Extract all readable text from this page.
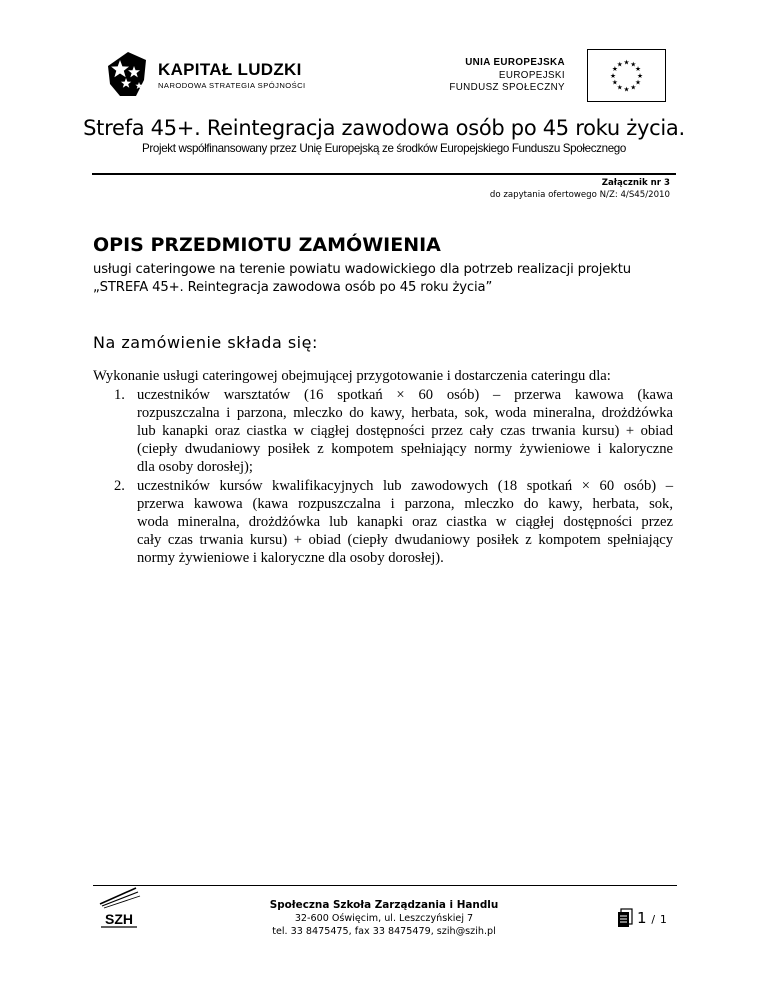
KAPITAŁ LUDZKI
NARODOWA STRATEGIA SPÓJNOŚCI
UNIA EUROPEJSKA
EUROPEJSKI
FUNDUSZ SPOŁECZNY
★ ★
★
★
★
★
★
★
★
★
★
★
Strefa 45+. Reintegracja zawodowa osób po 45 roku życia.
Projekt współfinansowany przez Unię Europejską ze środków Europejskiego Funduszu Społecznego
Załącznik nr 3
do zapytania ofertowego N/Z: 4/S45/2010
OPIS PRZEDMIOTU ZAMÓWIENIA
usługi cateringowe na terenie powiatu wadowickiego dla potrzeb realizacji projektu
„STREFA 45+. Reintegracja zawodowa osób po 45 roku życia”
Na zamówienie składa się:
Wykonanie usługi cateringowej obejmującej przygotowanie i dostarczenia cateringu dla:
1. uczestników warsztatów (16 spotkań × 60 osób) – przerwa kawowa (kawa
rozpuszczalna i parzona, mleczko do kawy, herbata, sok, woda mineralna, drożdżówka
lub kanapki oraz ciastka w ciągłej dostępności przez cały czas trwania kursu) + obiad
(ciepły dwudaniowy posiłek z kompotem spełniający normy żywieniowe i kaloryczne
dla osoby dorosłej);
2. uczestników kursów kwalifikacyjnych lub zawodowych (18 spotkań × 60 osób) –
przerwa kawowa (kawa rozpuszczalna i parzona, mleczko do kawy, herbata, sok,
woda mineralna, drożdżówka lub kanapki oraz ciastka w ciągłej dostępności przez
cały czas trwania kursu) + obiad (ciepły dwudaniowy posiłek z kompotem spełniający
normy żywieniowe i kaloryczne dla osoby dorosłej).
SZH
Społeczna Szkoła Zarządzania i Handlu
32-600 Oświęcim, ul. Leszczyńskiej 7
tel. 33 8475475, fax 33 8475479, szih@szih.pl
1 / 1
